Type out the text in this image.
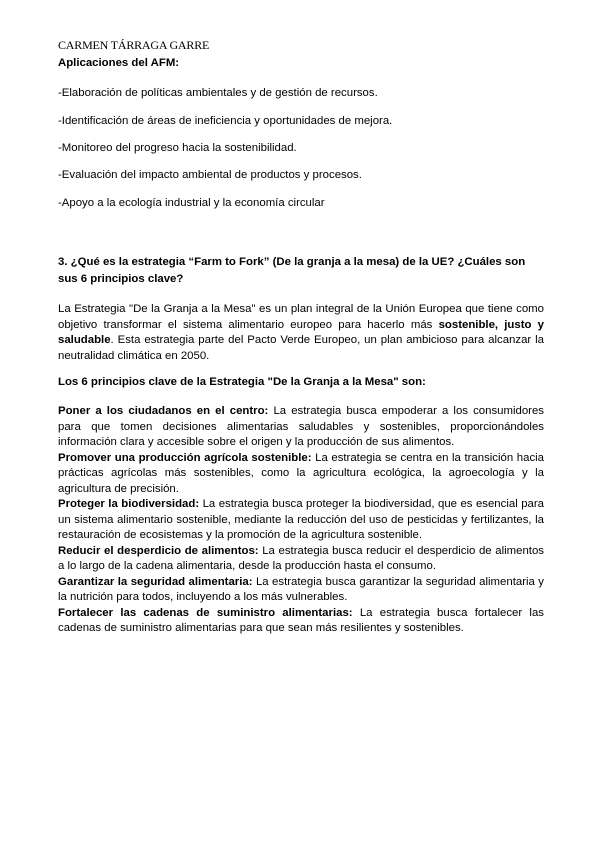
CARMEN TÁRRAGA GARRE
Aplicaciones del AFM:
-Elaboración de políticas ambientales y de gestión de recursos.
-Identificación de áreas de ineficiencia y oportunidades de mejora.
-Monitoreo del progreso hacia la sostenibilidad.
-Evaluación del impacto ambiental de productos y procesos.
-Apoyo a la ecología industrial y la economía circular
3. ¿Qué es la estrategia “Farm to Fork” (De la granja a la mesa) de la UE? ¿Cuáles son sus 6 principios clave?

La Estrategia "De la Granja a la Mesa" es un plan integral de la Unión Europea que tiene como objetivo transformar el sistema alimentario europeo para hacerlo más sostenible, justo y saludable. Esta estrategia parte del Pacto Verde Europeo, un plan ambicioso para alcanzar la neutralidad climática en 2050.

Los 6 principios clave de la Estrategia "De la Granja a la Mesa" son:

Poner a los ciudadanos en el centro: La estrategia busca empoderar a los consumidores para que tomen decisiones alimentarias saludables y sostenibles, proporcionándoles información clara y accesible sobre el origen y la producción de sus alimentos.

Promover una producción agrícola sostenible: La estrategia se centra en la transición hacia prácticas agrícolas más sostenibles, como la agricultura ecológica, la agroecología y la agricultura de precisión.

Proteger la biodiversidad: La estrategia busca proteger la biodiversidad, que es esencial para un sistema alimentario sostenible, mediante la reducción del uso de pesticidas y fertilizantes, la restauración de ecosistemas y la promoción de la agricultura sostenible.

Reducir el desperdicio de alimentos: La estrategia busca reducir el desperdicio de alimentos a lo largo de la cadena alimentaria, desde la producción hasta el consumo.

Garantizar la seguridad alimentaria: La estrategia busca garantizar la seguridad alimentaria y la nutrición para todos, incluyendo a los más vulnerables.

Fortalecer las cadenas de suministro alimentarias: La estrategia busca fortalecer las cadenas de suministro alimentarias para que sean más resilientes y sostenibles.
